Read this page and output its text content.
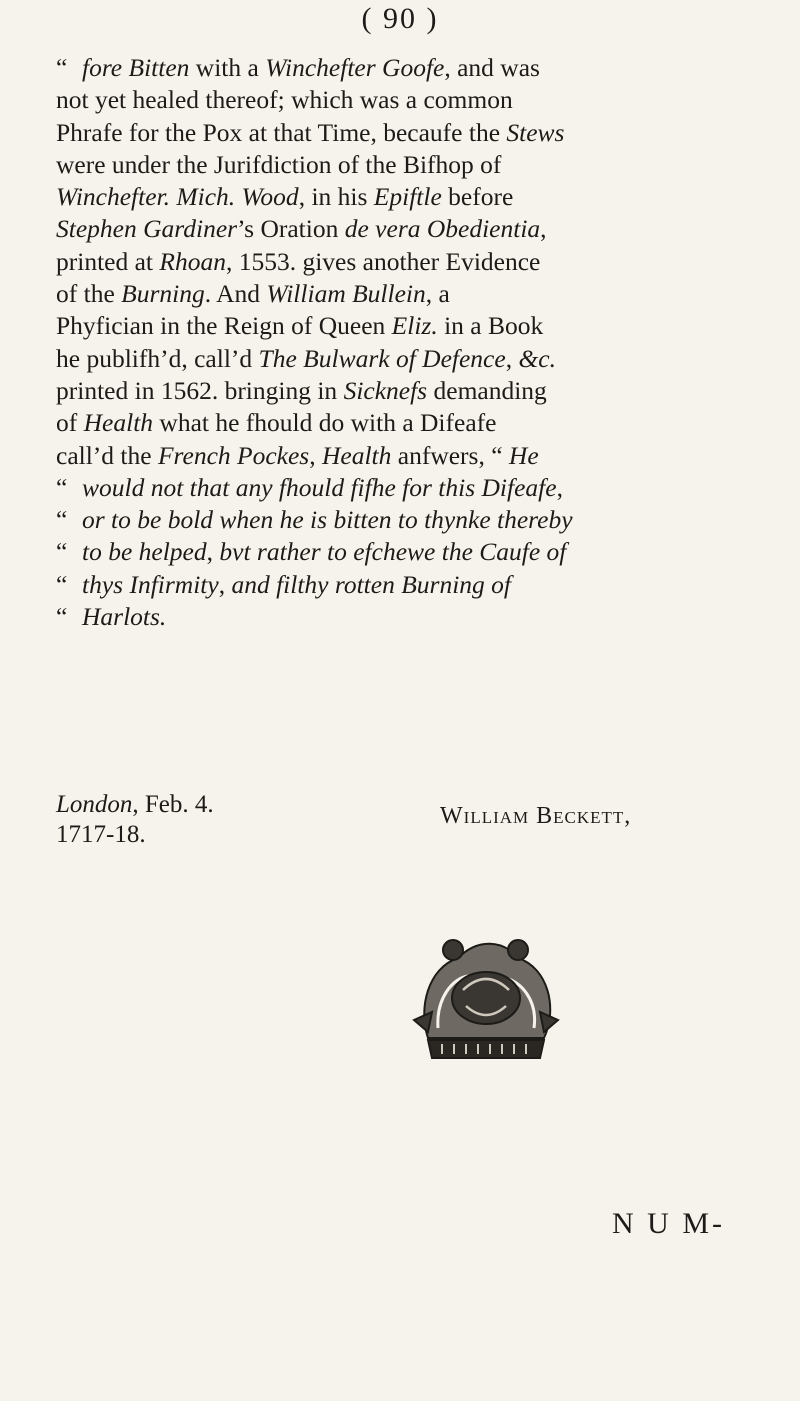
( 90 )
“ fore Bitten with a Winchefter Goofe, and was
not yet healed thereof; which was a common
Phrafe for the Pox at that Time, becaufe the Stews
were under the Jurifdiction of the Bifhop of
Winchefter. Mich. Wood, in his Epiftle before
Stephen Gardiner’s Oration de vera Obedientia,
printed at Rhoan, 1553. gives another Evidence
of the Burning. And William Bullein, a
Phyfician in the Reign of Queen Eliz. in a Book
he publifh’d, call’d The Bulwark of Defence, &c.
printed in 1562. bringing in Sicknefs demanding
of Health what he fhould do with a Difeafe
call’d the French Pockes, Health anfwers, “ He
“ would not that any fhould fifhe for this Difeafe,
“ or to be bold when he is bitten to thynke thereby
“ to be helped, bvt rather to efchewe the Caufe of
“ thys Infirmity, and filthy rotten Burning of
“ Harlots.
London, Feb. 4.
1717-18.
William Beckett,
N U M-
